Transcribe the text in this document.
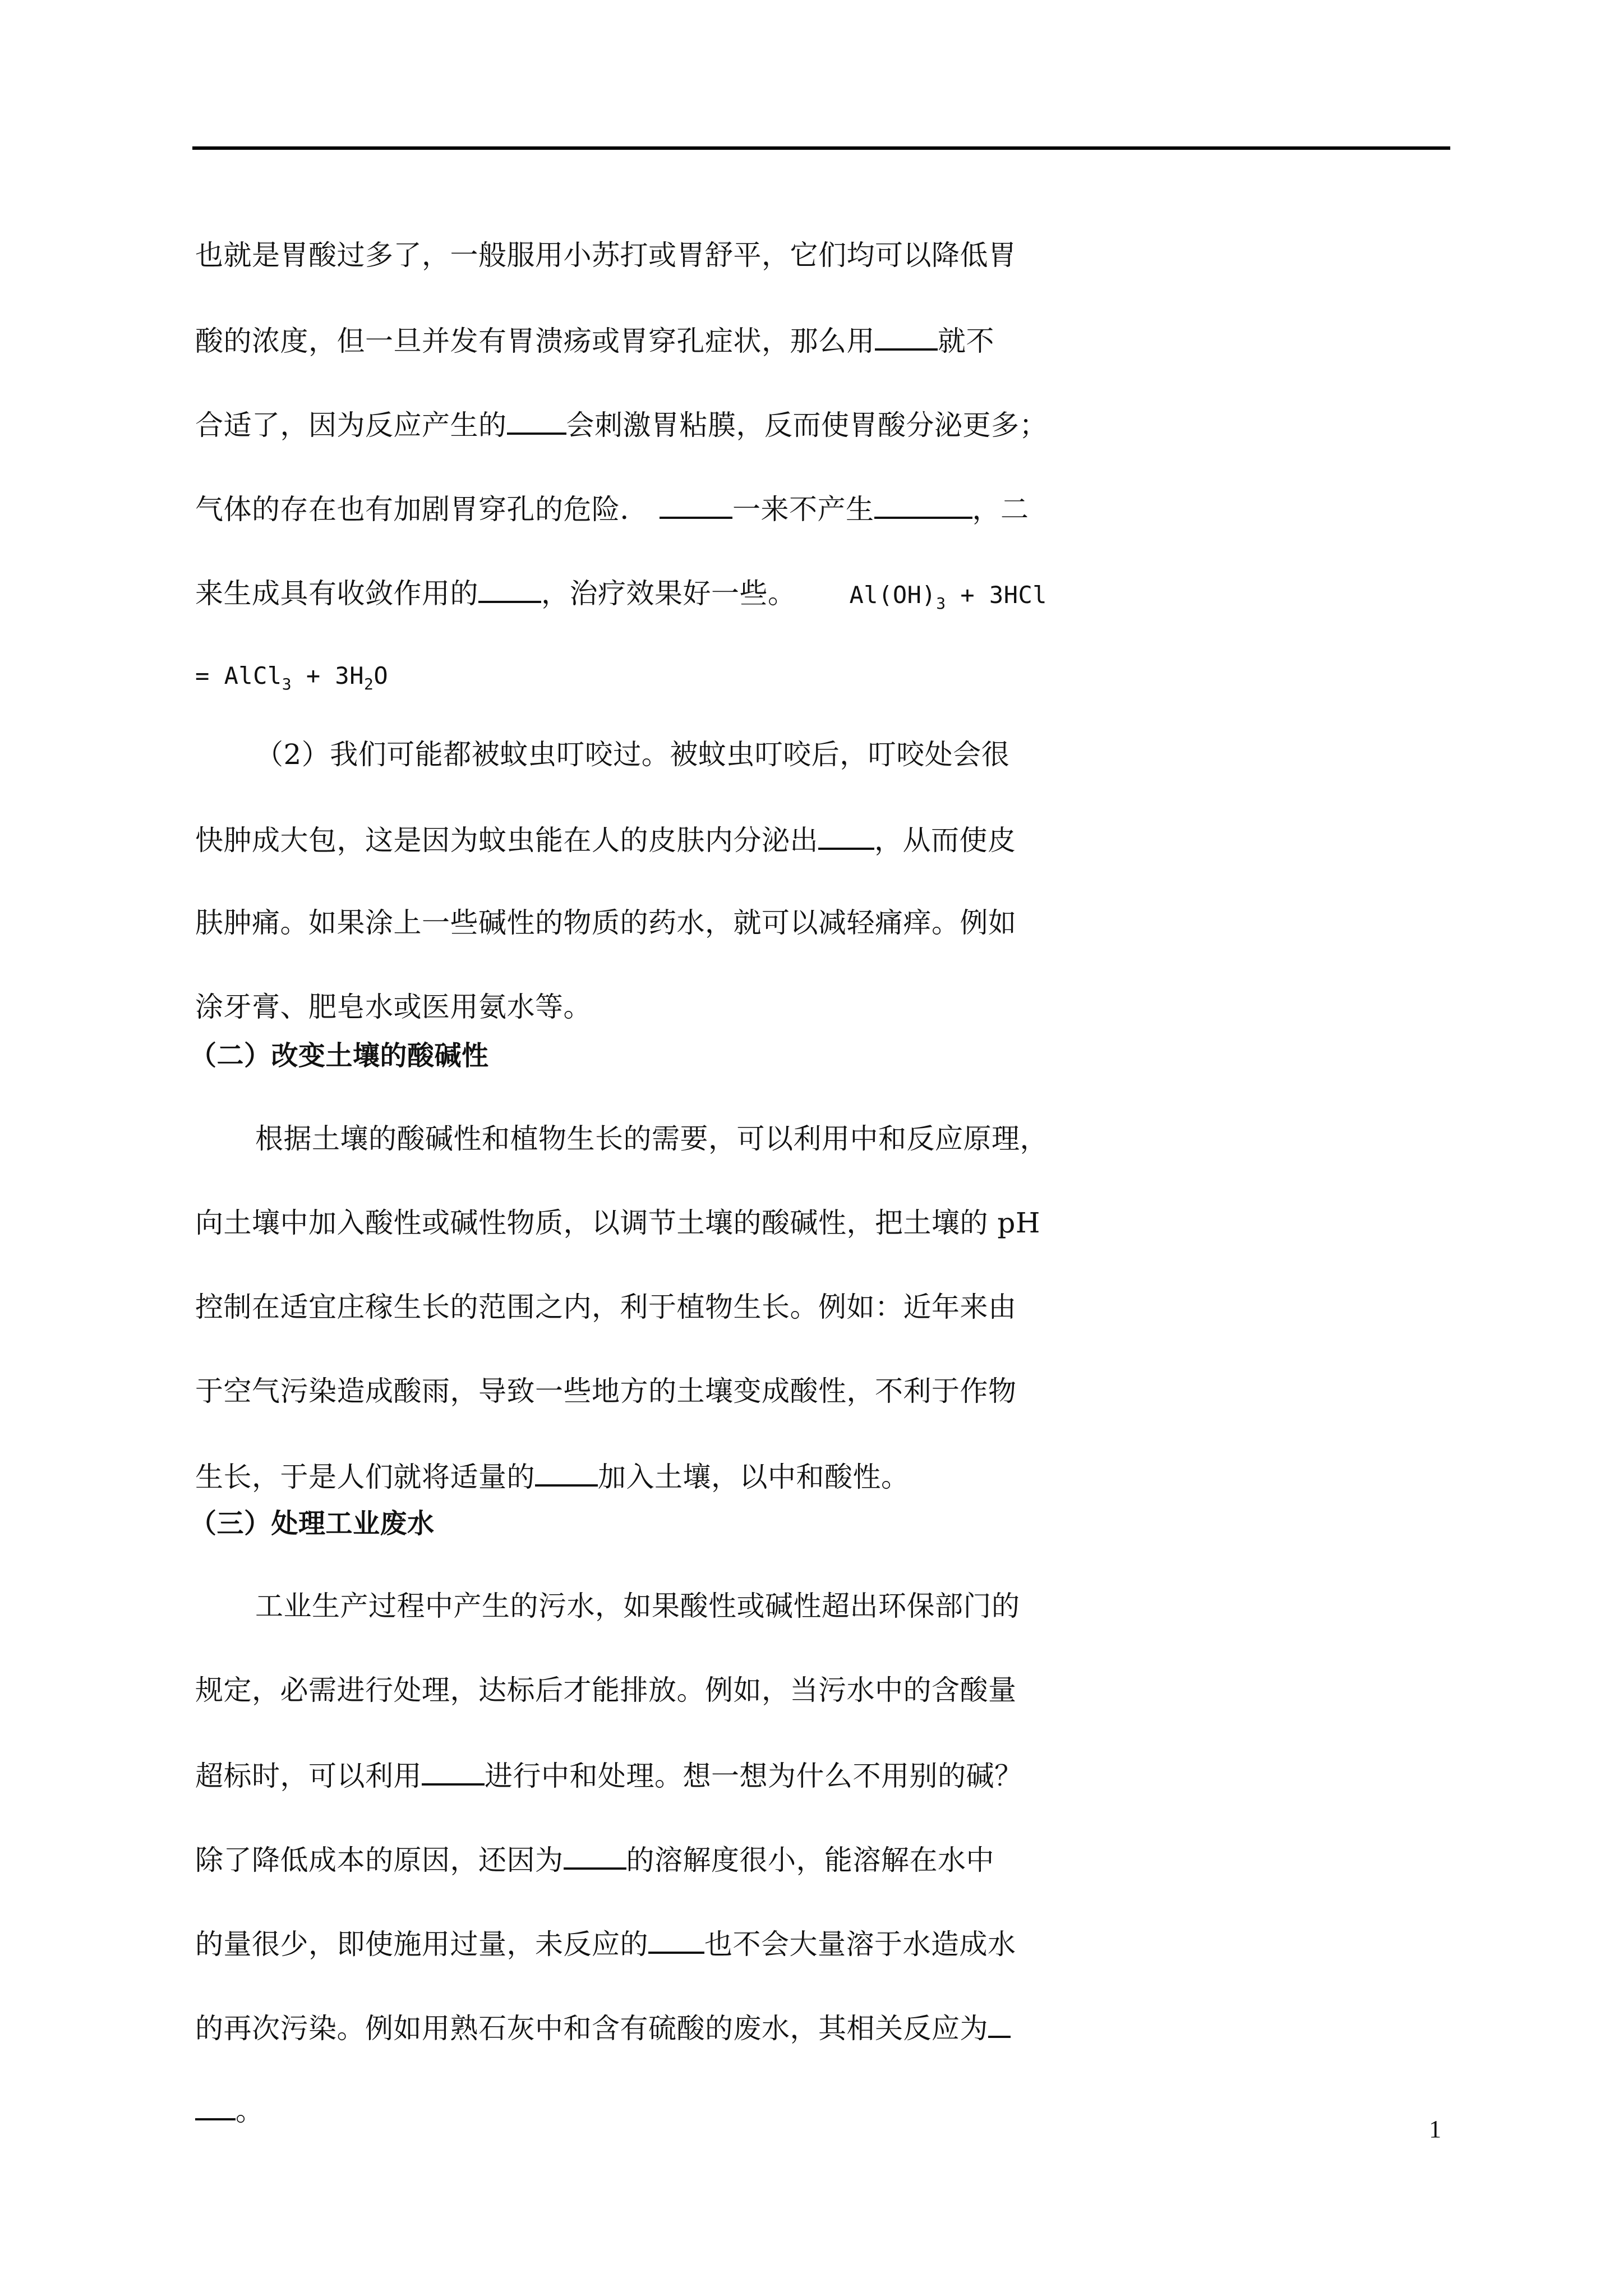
也就是胃酸过多了，一般服用小苏打或胃舒平，它们均可以降低胃
酸的浓度，但一旦并发有胃溃疡或胃穿孔症状，那么用 就不
合适了，因为反应产生的 会刺激胃粘膜，反而使胃酸分泌更多；
气体的存在也有加剧胃穿孔的危险．	一来不产生	，二
来生成具有收敛作用的 ，治疗效果好一些。 $Al(OH)_3 + 3HCl$
= AlCl$_3$ + $3H_2O$
（2）我们可能都被蚊虫叮咬过。被蚊虫叮咬后，叮咬处会很
快肿成大包，这是因为蚊虫能在人的皮肤内分泌出 ，从而使皮
肤肿痛。如果涂上一些碱性的物质的药水，就可以减轻痛痒。例如
涂牙膏、肥皂水或医用氨水等。
（二）改变土壤的酸碱性
根据土壤的酸碱性和植物生长的需要，可以利用中和反应原理，
向土壤中加入酸性或碱性物质，以调节土壤的酸碱性，把土壤的 pH
控制在适宜庄稼生长的范围之内，利于植物生长。例如：近年来由
于空气污染造成酸雨，导致一些地方的土壤变成酸性，不利于作物
生长，于是人们就将适量的 加入土壤，以中和酸性。
（三）处理工业废水
工业生产过程中产生的污水，如果酸性或碱性超出环保部门的
规定，必需进行处理，达标后才能排放。例如，当污水中的含酸量
超标时，可以利用 进行中和处理。想一想为什么不用别的碱？
除了降低成本的原因，还因为 的溶解度很小，能溶解在水中
的量很少，即使施用过量，未反应的 也不会大量溶于水造成水
的再次污染。例如用熟石灰中和含有硫酸的废水，其相关反应为
。
1
